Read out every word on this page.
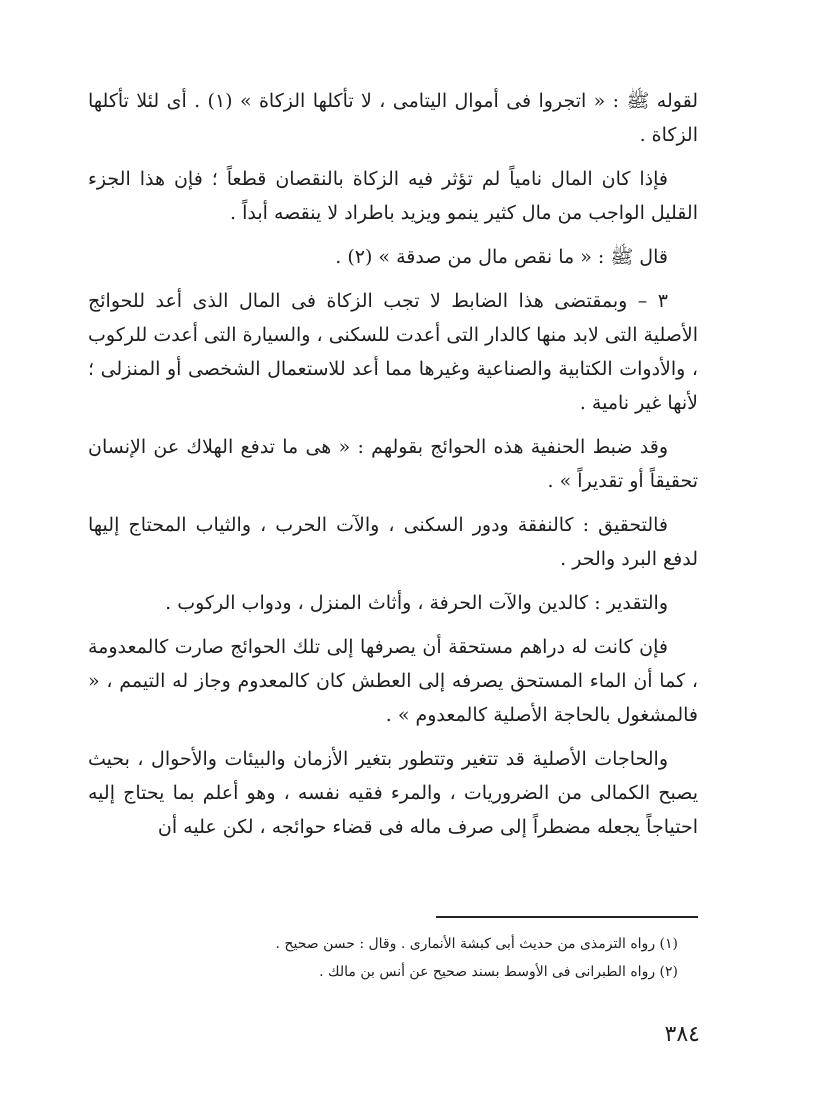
لقوله ﷺ : « اتجروا فى أموال اليتامى ، لا تأكلها الزكاة » (١) . أى لئلا تأكلها الزكاة .

فإذا كان المال نامياً لم تؤثر فيه الزكاة بالنقصان قطعاً ؛ فإن هذا الجزء القليل الواجب من مال كثير ينمو ويزيد باطراد لا ينقصه أبداً .

قال ﷺ : « ما نقص مال من صدقة » (٢) .

٣ – وبمقتضى هذا الضابط لا تجب الزكاة فى المال الذى أعد للحوائج الأصلية التى لابد منها كالدار التى أعدت للسكنى ، والسيارة التى أعدت للركوب ، والأدوات الكتابية والصناعية وغيرها مما أعد للاستعمال الشخصى أو المنزلى ؛ لأنها غير نامية .

وقد ضبط الحنفية هذه الحوائج بقولهم : « هى ما تدفع الهلاك عن الإنسان تحقيقاً أو تقديراً » .

فالتحقيق : كالنفقة ودور السكنى ، والآت الحرب ، والثياب المحتاج إليها لدفع البرد والحر .

والتقدير : كالدين والآت الحرفة ، وأثاث المنزل ، ودواب الركوب .

فإن كانت له دراهم مستحقة أن يصرفها إلى تلك الحوائج صارت كالمعدومة ، كما أن الماء المستحق يصرفه إلى العطش كان كالمعدوم وجاز له التيمم ، « فالمشغول بالحاجة الأصلية كالمعدوم » .

والحاجات الأصلية قد تتغير وتتطور بتغير الأزمان والبيئات والأحوال ، بحيث يصبح الكمالى من الضروريات ، والمرء فقيه نفسه ، وهو أعلم بما يحتاج إليه احتياجاً يجعله مضطراً إلى صرف ماله فى قضاء حوائجه ، لكن عليه أن

(١) رواه الترمذى من حديث أبى كبشة الأنمارى . وقال : حسن صحيح .
(٢) رواه الطبرانى فى الأوسط بسند صحيح عن أنس بن مالك .
٣٨٤
